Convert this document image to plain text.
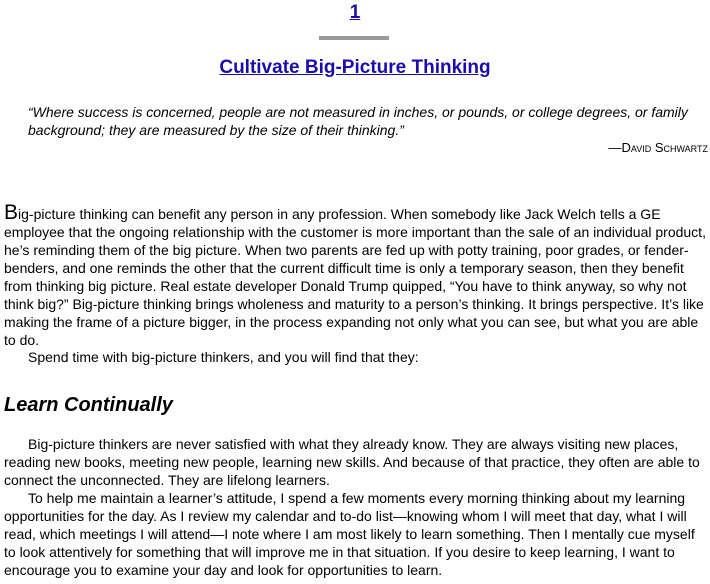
1
Cultivate Big-Picture Thinking

“Where success is concerned, people are not measured in inches, or pounds, or college degrees, or family background; they are measured by the size of their thinking.”

—David Schwartz

Big-picture thinking can benefit any person in any profession. When somebody like Jack Welch tells a GE employee that the ongoing relationship with the customer is more important than the sale of an individual product, he’s reminding them of the big picture. When two parents are fed up with potty training, poor grades, or fender-benders, and one reminds the other that the current difficult time is only a temporary season, then they benefit from thinking big picture. Real estate developer Donald Trump quipped, “You have to think anyway, so why not think big?” Big-picture thinking brings wholeness and maturity to a person’s thinking. It brings perspective. It’s like making the frame of a picture bigger, in the process expanding not only what you can see, but what you are able to do.

Spend time with big-picture thinkers, and you will find that they:

Learn Continually

Big-picture thinkers are never satisfied with what they already know. They are always visiting new places, reading new books, meeting new people, learning new skills. And because of that practice, they often are able to connect the unconnected. They are lifelong learners.

To help me maintain a learner’s attitude, I spend a few moments every morning thinking about my learning opportunities for the day. As I review my calendar and to-do list—knowing whom I will meet that day, what I will read, which meetings I will attend—I note where I am most likely to learn something. Then I mentally cue myself to look attentively for something that will improve me in that situation. If you desire to keep learning, I want to encourage you to examine your day and look for opportunities to learn.
